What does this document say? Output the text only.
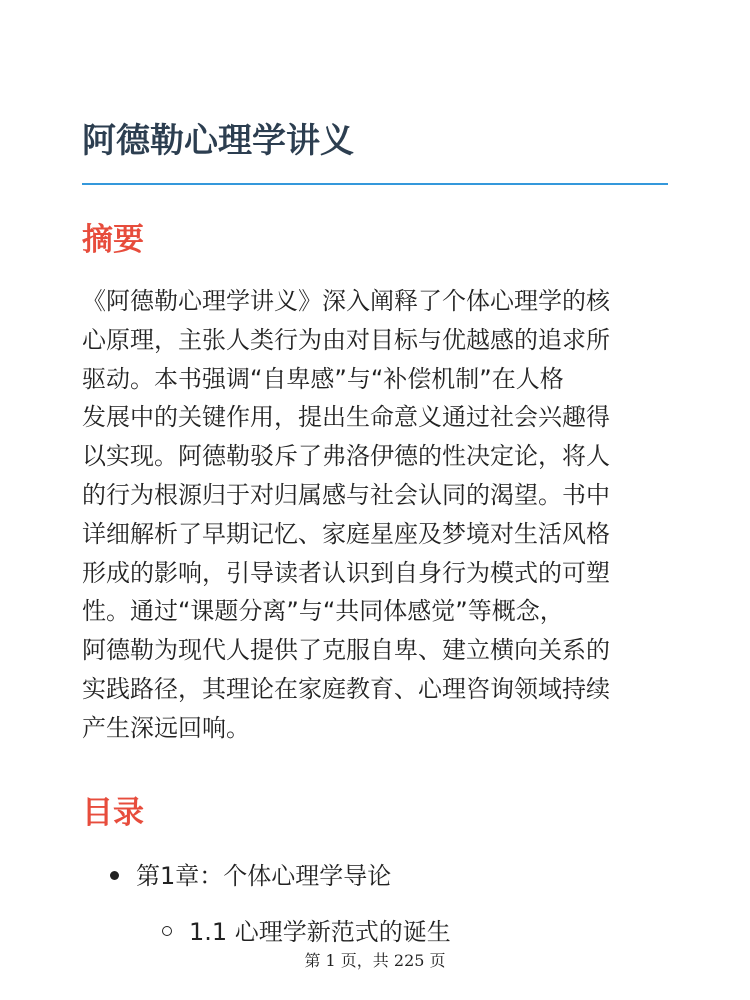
阿德勒心理学讲义
摘要

《阿德勒心理学讲义》深入阐释了个体心理学的核
心原理，主张人类行为由对目标与优越感的追求所
驱动。本书强调“自卑感”与“补偿机制”在人格
发展中的关键作用，提出生命意义通过社会兴趣得
以实现。阿德勒驳斥了弗洛伊德的性决定论，将人
的行为根源归于对归属感与社会认同的渴望。书中
详细解析了早期记忆、家庭星座及梦境对生活风格
形成的影响，引导读者认识到自身行为模式的可塑
性。通过“课题分离”与“共同体感觉”等概念，
阿德勒为现代人提供了克服自卑、建立横向关系的
实践路径，其理论在家庭教育、心理咨询领域持续
产生深远回响。

目录
第1章：个体心理学导论
1.1 心理学新范式的诞生
第 1 页，共 225 页
